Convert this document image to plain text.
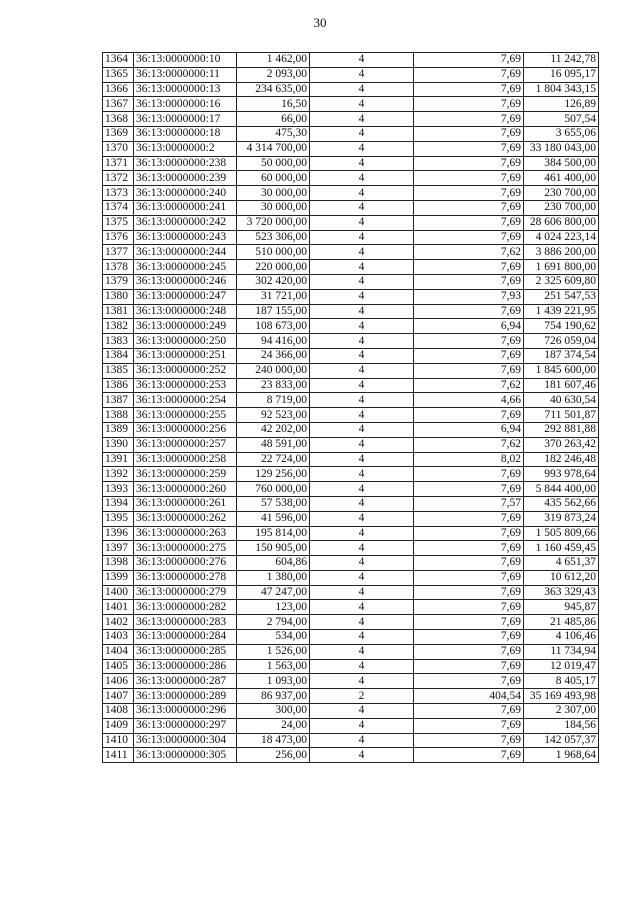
30
1364	36:13:0000000:10	1 462,00	4	7,69	11 242,78
1365	36:13:0000000:11	2 093,00	4	7,69	16 095,17
1366	36:13:0000000:13	234 635,00	4	7,69	1 804 343,15
1367	36:13:0000000:16	16,50	4	7,69	126,89
1368	36:13:0000000:17	66,00	4	7,69	507,54
1369	36:13:0000000:18	475,30	4	7,69	3 655,06
1370	36:13:0000000:2	4 314 700,00	4	7,69	33 180 043,00
1371	36:13:0000000:238	50 000,00	4	7,69	384 500,00
1372	36:13:0000000:239	60 000,00	4	7,69	461 400,00
1373	36:13:0000000:240	30 000,00	4	7,69	230 700,00
1374	36:13:0000000:241	30 000,00	4	7,69	230 700,00
1375	36:13:0000000:242	3 720 000,00	4	7,69	28 606 800,00
1376	36:13:0000000:243	523 306,00	4	7,69	4 024 223,14
1377	36:13:0000000:244	510 000,00	4	7,62	3 886 200,00
1378	36:13:0000000:245	220 000,00	4	7,69	1 691 800,00
1379	36:13:0000000:246	302 420,00	4	7,69	2 325 609,80
1380	36:13:0000000:247	31 721,00	4	7,93	251 547,53
1381	36:13:0000000:248	187 155,00	4	7,69	1 439 221,95
1382	36:13:0000000:249	108 673,00	4	6,94	754 190,62
1383	36:13:0000000:250	94 416,00	4	7,69	726 059,04
1384	36:13:0000000:251	24 366,00	4	7,69	187 374,54
1385	36:13:0000000:252	240 000,00	4	7,69	1 845 600,00
1386	36:13:0000000:253	23 833,00	4	7,62	181 607,46
1387	36:13:0000000:254	8 719,00	4	4,66	40 630,54
1388	36:13:0000000:255	92 523,00	4	7,69	711 501,87
1389	36:13:0000000:256	42 202,00	4	6,94	292 881,88
1390	36:13:0000000:257	48 591,00	4	7,62	370 263,42
1391	36:13:0000000:258	22 724,00	4	8,02	182 246,48
1392	36:13:0000000:259	129 256,00	4	7,69	993 978,64
1393	36:13:0000000:260	760 000,00	4	7,69	5 844 400,00
1394	36:13:0000000:261	57 538,00	4	7,57	435 562,66
1395	36:13:0000000:262	41 596,00	4	7,69	319 873,24
1396	36:13:0000000:263	195 814,00	4	7,69	1 505 809,66
1397	36:13:0000000:275	150 905,00	4	7,69	1 160 459,45
1398	36:13:0000000:276	604,86	4	7,69	4 651,37
1399	36:13:0000000:278	1 380,00	4	7,69	10 612,20
1400	36:13:0000000:279	47 247,00	4	7,69	363 329,43
1401	36:13:0000000:282	123,00	4	7,69	945,87
1402	36:13:0000000:283	2 794,00	4	7,69	21 485,86
1403	36:13:0000000:284	534,00	4	7,69	4 106,46
1404	36:13:0000000:285	1 526,00	4	7,69	11 734,94
1405	36:13:0000000:286	1 563,00	4	7,69	12 019,47
1406	36:13:0000000:287	1 093,00	4	7,69	8 405,17
1407	36:13:0000000:289	86 937,00	2	404,54	35 169 493,98
1408	36:13:0000000:296	300,00	4	7,69	2 307,00
1409	36:13:0000000:297	24,00	4	7,69	184,56
1410	36:13:0000000:304	18 473,00	4	7,69	142 057,37
1411	36:13:0000000:305	256,00	4	7,69	1 968,64
